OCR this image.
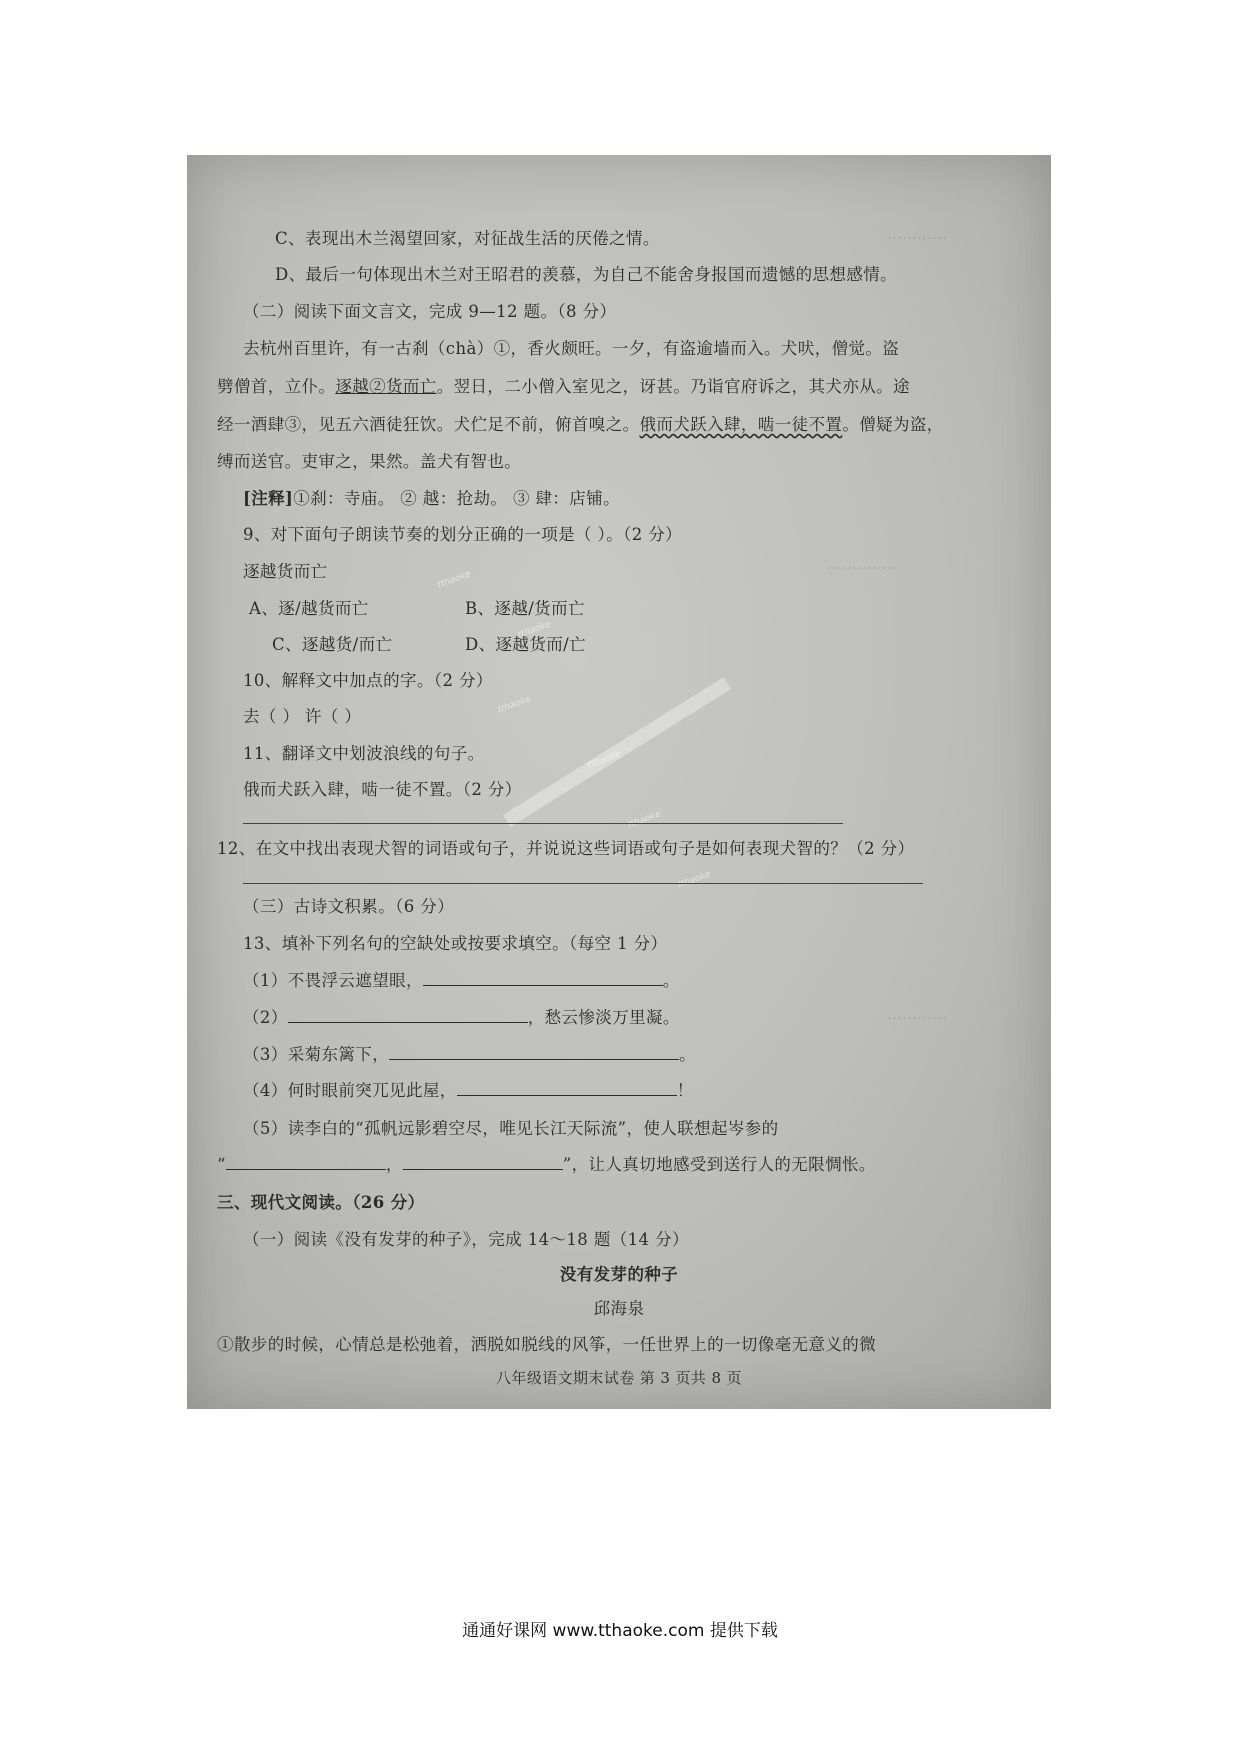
…………
……………
…………
tthaoke
tthaoke
tthaoke
tthaoke
tthaoke
tthaoke
C、表现出木兰渴望回家，对征战生活的厌倦之情。
D、最后一句体现出木兰对王昭君的羡慕，为自己不能舍身报国而遗憾的思想感情。
（二）阅读下面文言文，完成 9—12 题。（8 分）
去杭州百里许，有一古刹（chà）①，香火颇旺。一夕，有盗逾墙而入。犬吠，僧觉。盗
劈僧首，立仆。逐越②货而亡。翌日，二小僧入室见之，讶甚。乃诣官府诉之，其犬亦从。途
经一酒肆③，见五六酒徒狂饮。犬伫足不前，俯首嗅之。俄而犬跃入肆，啮一徒不置。僧疑为盗，
缚而送官。吏审之，果然。盖犬有智也。
[注释]①刹：寺庙。 ② 越：抢劫。 ③ 肆：店铺。
9、对下面句子朗读节奏的划分正确的一项是（ ）。（2 分）
逐越货而亡
A、逐/越货而亡	B、逐越/货而亡
C、逐越货/而亡	D、逐越货而/亡
10、解释文中加点的字。（2 分）
去（ ） 许（ ）
11、翻译文中划波浪线的句子。
俄而犬跃入肆，啮一徒不置。（2 分）
12、在文中找出表现犬智的词语或句子，并说说这些词语或句子是如何表现犬智的？（2 分）
（三）古诗文积累。（6 分）
13、填补下列名句的空缺处或按要求填空。（每空 1 分）
（1）不畏浮云遮望眼，	。
（2）	，愁云惨淡万里凝。
（3）采菊东篱下，	。
（4）何时眼前突兀见此屋，	！
（5）读李白的“孤帆远影碧空尽，唯见长江天际流”，使人联想起岑参的
“	，	”，让人真切地感受到送行人的无限惆怅。
三、现代文阅读。（26 分）
（一）阅读《没有发芽的种子》，完成 14～18 题（14 分）
没有发芽的种子
邱海泉
①散步的时候，心情总是松弛着，洒脱如脱线的风筝，一任世界上的一切像毫无意义的微
八年级语文期末试卷 第 3 页共 8 页
通通好课网 www.tthaoke.com 提供下载
